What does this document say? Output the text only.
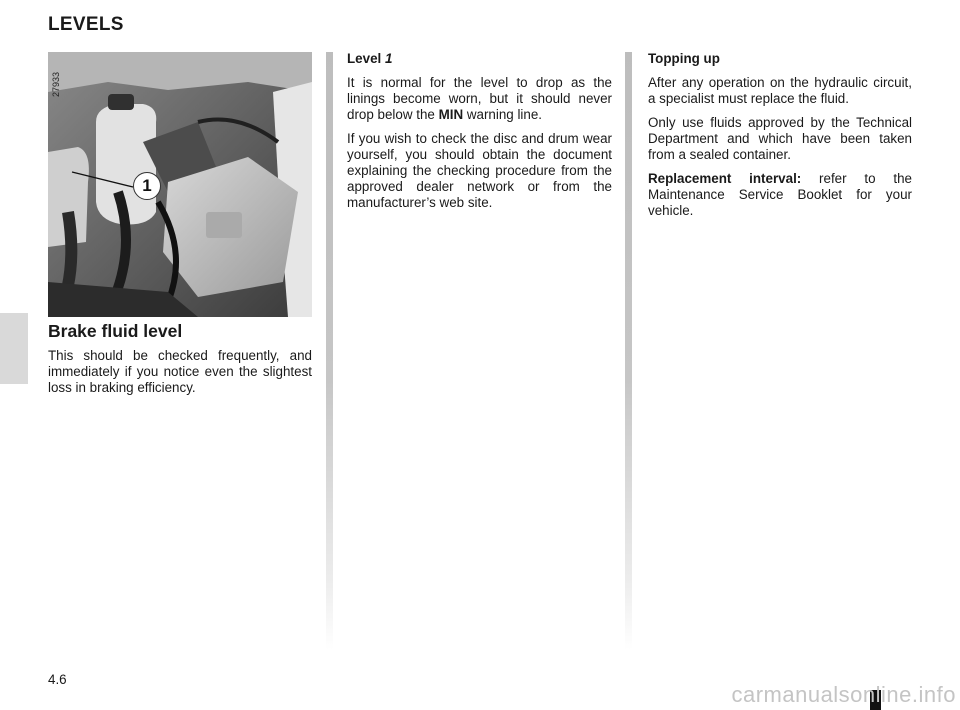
LEVELS
27933
1
Brake fluid level

This should be checked frequently, and immediately if you notice even the slightest loss in braking efficiency.

Level 1

It is normal for the level to drop as the linings become worn, but it should never drop below the MIN warning line.

If you wish to check the disc and drum wear yourself, you should obtain the document explaining the checking procedure from the approved dealer network or from the manufacturer’s web site.

Topping up

After any operation on the hydraulic circuit, a specialist must replace the fluid.

Only use fluids approved by the Technical Department and which have been taken from a sealed container.

Replacement interval: refer to the Maintenance Service Booklet for your vehicle.

4.6
carmanualsonline.info
